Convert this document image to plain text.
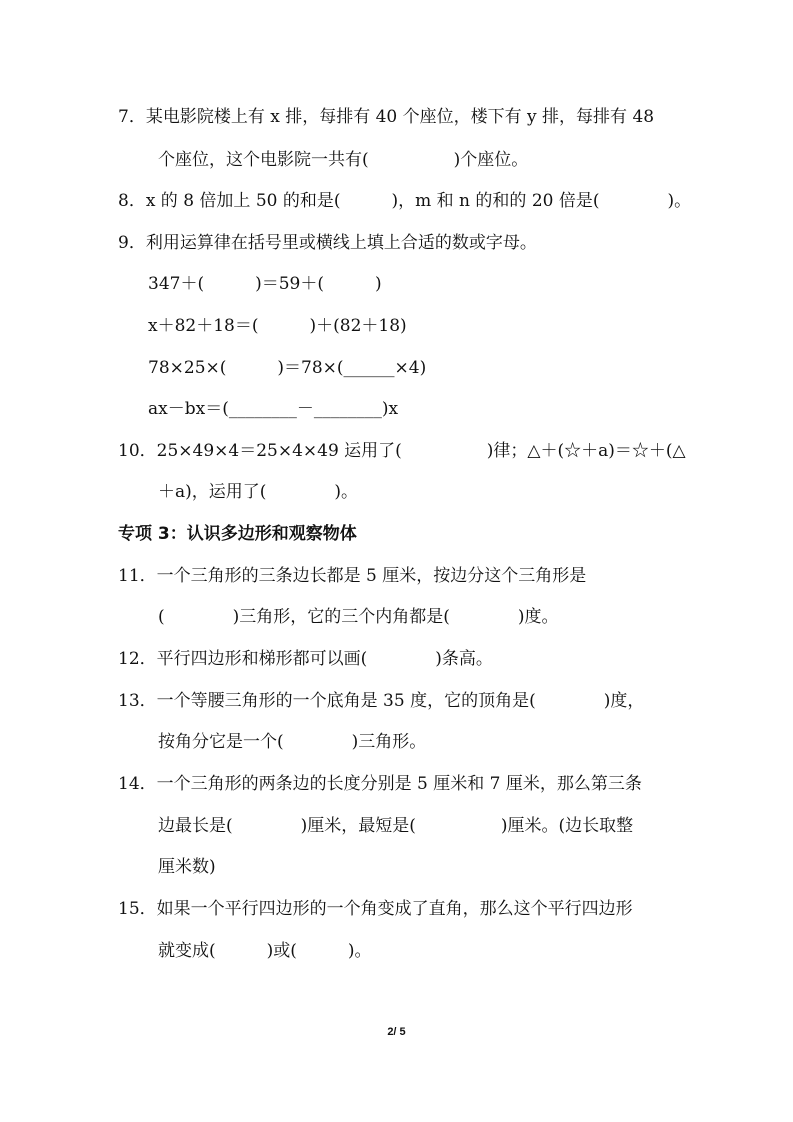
7．某电影院楼上有 x 排，每排有 40 个座位，楼下有 y 排，每排有 48
个座位，这个电影院一共有(　　　　　)个座位。
8．x 的 8 倍加上 50 的和是(　　　)，m 和 n 的和的 20 倍是(　　　　)。
9．利用运算律在括号里或横线上填上合适的数或字母。
347＋(　　　)＝59＋(　　　)
x＋82＋18＝(　　　)＋(82＋18)
78×25×(　　　)＝78×(______×4)
ax－bx＝(________－________)x
10．25×49×4＝25×4×49 运用了(　　　　　)律；△＋(☆＋a)＝☆＋(△
＋a)，运用了(　　　　)。
专项 3：认识多边形和观察物体
11．一个三角形的三条边长都是 5 厘米，按边分这个三角形是
(　　　　)三角形，它的三个内角都是(　　　　)度。
12．平行四边形和梯形都可以画(　　　　)条高。
13．一个等腰三角形的一个底角是 35 度，它的顶角是(　　　　)度，
按角分它是一个(　　　　)三角形。
14．一个三角形的两条边的长度分别是 5 厘米和 7 厘米，那么第三条
边最长是(　　　　)厘米，最短是(　　　　　)厘米。(边长取整
厘米数)
15．如果一个平行四边形的一个角变成了直角，那么这个平行四边形
就变成(　　　)或(　　　)。
2/ 5
